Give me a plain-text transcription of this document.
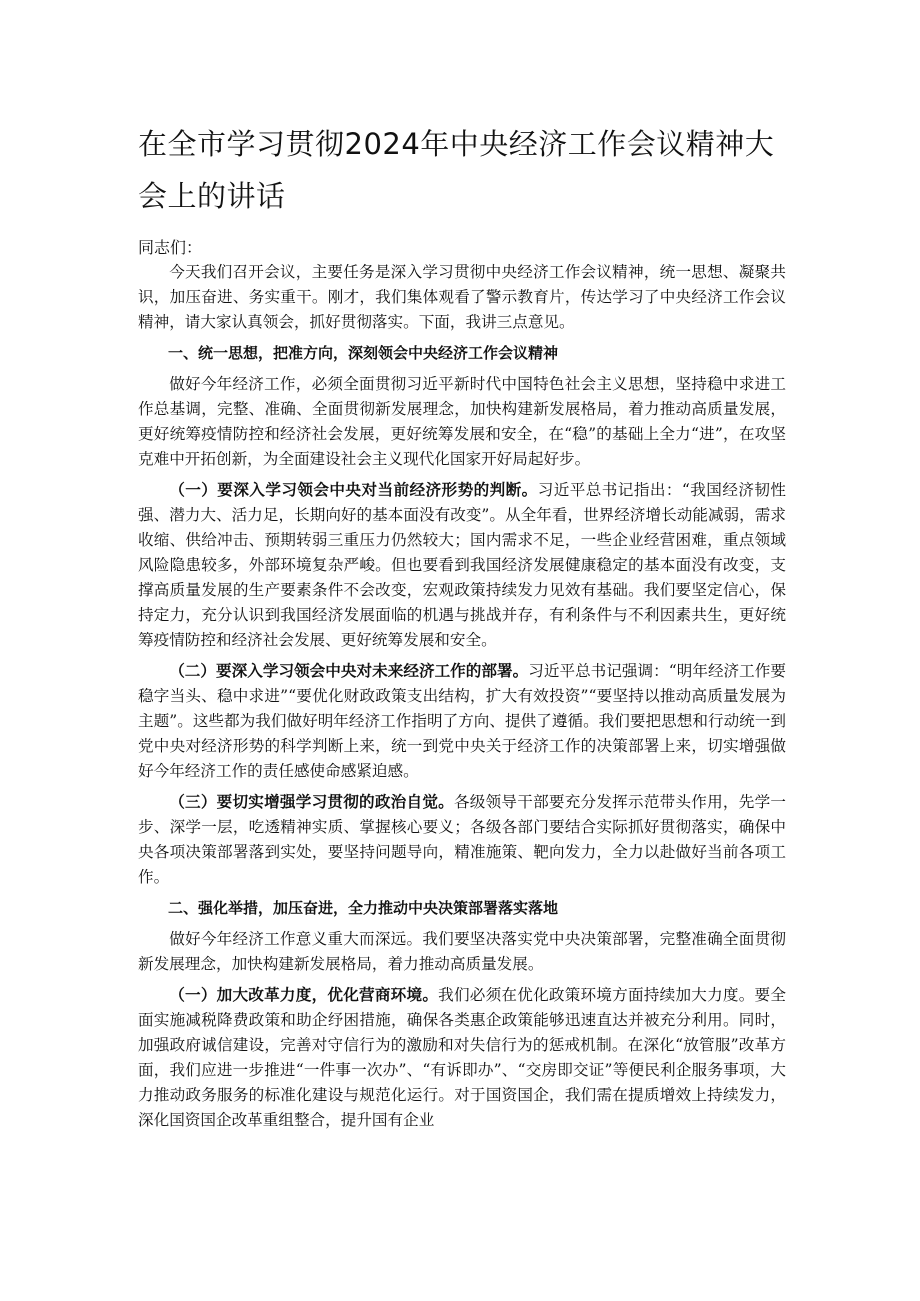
在全市学习贯彻2024年中央经济工作会议精神大会上的讲话

同志们：

今天我们召开会议，主要任务是深入学习贯彻中央经济工作会议精神，统一思想、凝聚共识，加压奋进、务实重干。刚才，我们集体观看了警示教育片，传达学习了中央经济工作会议精神，请大家认真领会，抓好贯彻落实。下面，我讲三点意见。

一、统一思想，把准方向，深刻领会中央经济工作会议精神

做好今年经济工作，必须全面贯彻习近平新时代中国特色社会主义思想，坚持稳中求进工作总基调，完整、准确、全面贯彻新发展理念，加快构建新发展格局，着力推动高质量发展，更好统筹疫情防控和经济社会发展，更好统筹发展和安全，在“稳”的基础上全力“进”，在攻坚克难中开拓创新，为全面建设社会主义现代化国家开好局起好步。

（一）要深入学习领会中央对当前经济形势的判断。习近平总书记指出：“我国经济韧性强、潜力大、活力足，长期向好的基本面没有改变”。从全年看，世界经济增长动能减弱，需求收缩、供给冲击、预期转弱三重压力仍然较大；国内需求不足，一些企业经营困难，重点领域风险隐患较多，外部环境复杂严峻。但也要看到我国经济发展健康稳定的基本面没有改变，支撑高质量发展的生产要素条件不会改变，宏观政策持续发力见效有基础。我们要坚定信心，保持定力，充分认识到我国经济发展面临的机遇与挑战并存，有利条件与不利因素共生，更好统筹疫情防控和经济社会发展、更好统筹发展和安全。

（二）要深入学习领会中央对未来经济工作的部署。习近平总书记强调：“明年经济工作要稳字当头、稳中求进”“要优化财政政策支出结构，扩大有效投资”“要坚持以推动高质量发展为主题”。这些都为我们做好明年经济工作指明了方向、提供了遵循。我们要把思想和行动统一到党中央对经济形势的科学判断上来，统一到党中央关于经济工作的决策部署上来，切实增强做好今年经济工作的责任感使命感紧迫感。

（三）要切实增强学习贯彻的政治自觉。各级领导干部要充分发挥示范带头作用，先学一步、深学一层，吃透精神实质、掌握核心要义；各级各部门要结合实际抓好贯彻落实，确保中央各项决策部署落到实处，要坚持问题导向，精准施策、靶向发力，全力以赴做好当前各项工作。

二、强化举措，加压奋进，全力推动中央决策部署落实落地

做好今年经济工作意义重大而深远。我们要坚决落实党中央决策部署，完整准确全面贯彻新发展理念，加快构建新发展格局，着力推动高质量发展。

（一）加大改革力度，优化营商环境。我们必须在优化政策环境方面持续加大力度。要全面实施减税降费政策和助企纾困措施，确保各类惠企政策能够迅速直达并被充分利用。同时，加强政府诚信建设，完善对守信行为的激励和对失信行为的惩戒机制。在深化“放管服”改革方面，我们应进一步推进“一件事一次办”、“有诉即办”、“交房即交证”等便民利企服务事项，大力推动政务服务的标准化建设与规范化运行。对于国资国企，我们需在提质增效上持续发力，深化国资国企改革重组整合，提升国有企业
